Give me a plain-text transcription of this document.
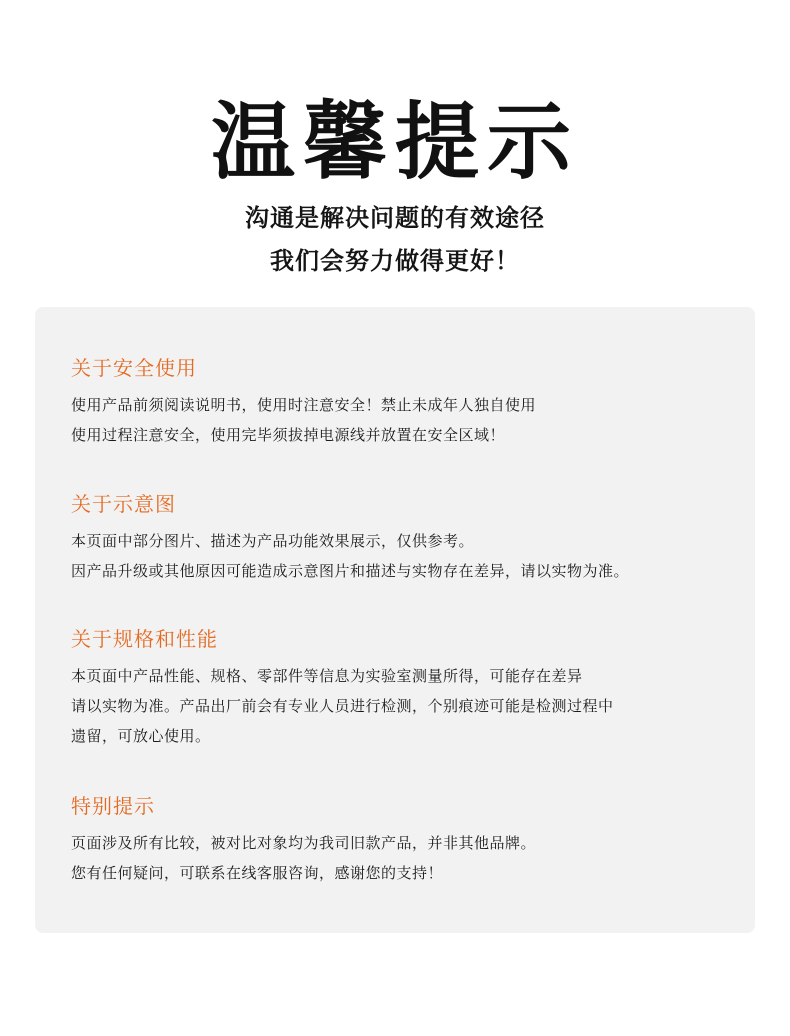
温馨提示
沟通是解决问题的有效途径
我们会努力做得更好！
关于安全使用
使用产品前须阅读说明书，使用时注意安全！禁止未成年人独自使用
使用过程注意安全，使用完毕须拔掉电源线并放置在安全区域！
关于示意图
本页面中部分图片、描述为产品功能效果展示，仅供参考。
因产品升级或其他原因可能造成示意图片和描述与实物存在差异，请以实物为准。
关于规格和性能
本页面中产品性能、规格、零部件等信息为实验室测量所得，可能存在差异
请以实物为准。产品出厂前会有专业人员进行检测，个别痕迹可能是检测过程中
遗留，可放心使用。
特别提示
页面涉及所有比较，被对比对象均为我司旧款产品，并非其他品牌。
您有任何疑问，可联系在线客服咨询，感谢您的支持！
